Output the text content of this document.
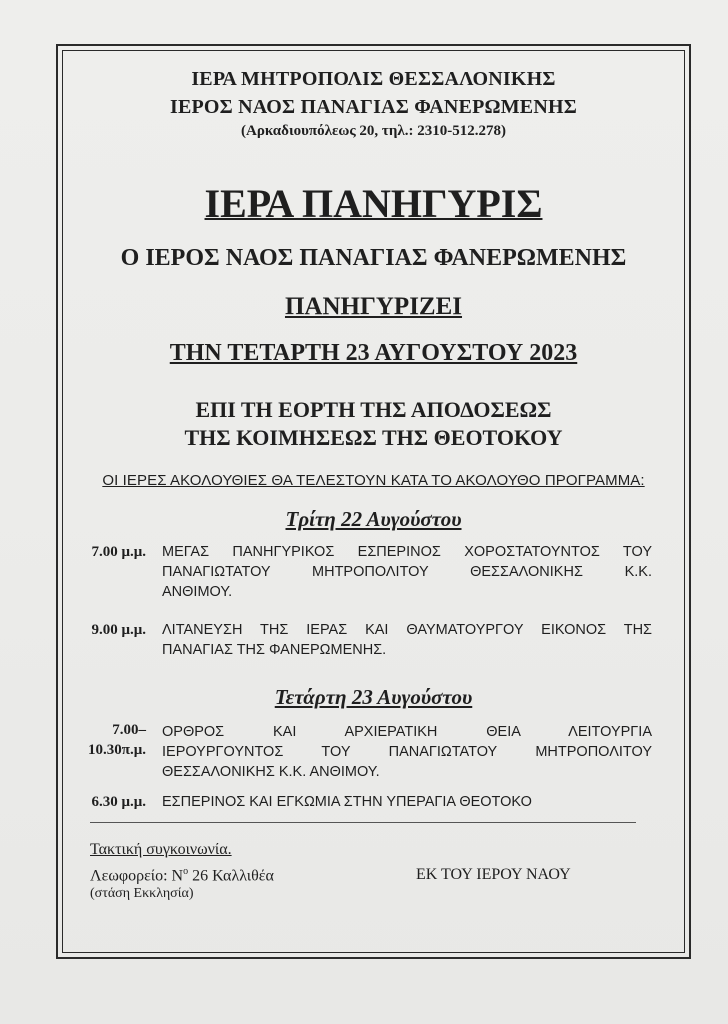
ΙΕΡΑ ΜΗΤΡΟΠΟΛΙΣ ΘΕΣΣΑΛΟΝΙΚΗΣ
ΙΕΡΟΣ ΝΑΟΣ ΠΑΝΑΓΙΑΣ ΦΑΝΕΡΩΜΕΝΗΣ
(Αρκαδιουπόλεως 20, τηλ.: 2310-512.278)
ΙΕΡΑ ΠΑΝΗΓΥΡΙΣ
Ο ΙΕΡΟΣ ΝΑΟΣ ΠΑΝΑΓΙΑΣ ΦΑΝΕΡΩΜΕΝΗΣ
ΠΑΝΗΓΥΡΙΖΕΙ
ΤΗΝ ΤΕΤΑΡΤΗ 23 ΑΥΓΟΥΣΤΟΥ 2023
ΕΠΙ ΤΗ ΕΟΡΤΗ ΤΗΣ ΑΠΟΔΟΣΕΩΣ
ΤΗΣ ΚΟΙΜΗΣΕΩΣ ΤΗΣ ΘΕΟΤΟΚΟΥ
ΟΙ ΙΕΡΕΣ ΑΚΟΛΟΥΘΙΕΣ ΘΑ ΤΕΛΕΣΤΟΥΝ ΚΑΤΑ ΤΟ ΑΚΟΛΟΥΘΟ ΠΡΟΓΡΑΜΜΑ:
Τρίτη 22 Αυγούστου
7.00 μ.μ. ΜΕΓΑΣ ΠΑΝΗΓΥΡΙΚΟΣ ΕΣΠΕΡΙΝΟΣ ΧΟΡΟΣΤΑΤΟΥΝΤΟΣ ΤΟΥ
ΠΑΝΑΓΙΩΤΑΤΟΥ ΜΗΤΡΟΠΟΛΙΤΟΥ ΘΕΣΣΑΛΟΝΙΚΗΣ Κ.Κ.
ΑΝΘΙΜΟΥ.
9.00 μ.μ. ΛΙΤΑΝΕΥΣΗ ΤΗΣ ΙΕΡΑΣ ΚΑΙ ΘΑΥΜΑΤΟΥΡΓΟΥ ΕΙΚΟΝΟΣ ΤΗΣ
ΠΑΝΑΓΙΑΣ ΤΗΣ ΦΑΝΕΡΩΜΕΝΗΣ.
Τετάρτη 23 Αυγούστου
7.00–
10.30π.μ.
ΟΡΘΡΟΣ ΚΑΙ ΑΡΧΙΕΡΑΤΙΚΗ ΘΕΙΑ ΛΕΙΤΟΥΡΓΙΑ
ΙΕΡΟΥΡΓΟΥΝΤΟΣ ΤΟΥ ΠΑΝΑΓΙΩΤΑΤΟΥ ΜΗΤΡΟΠΟΛΙΤΟΥ
ΘΕΣΣΑΛΟΝΙΚΗΣ Κ.Κ. ΑΝΘΙΜΟΥ.
6.30 μ.μ. ΕΣΠΕΡΙΝΟΣ ΚΑΙ ΕΓΚΩΜΙΑ ΣΤΗΝ ΥΠΕΡΑΓΙΑ ΘΕΟΤΟΚΟ
Τακτική συγκοινωνία.
Λεωφορείο: $N^o$ 26 Καλλιθέα
(στάση Εκκλησία)
ΕΚ ΤΟΥ ΙΕΡΟΥ ΝΑΟΥ
